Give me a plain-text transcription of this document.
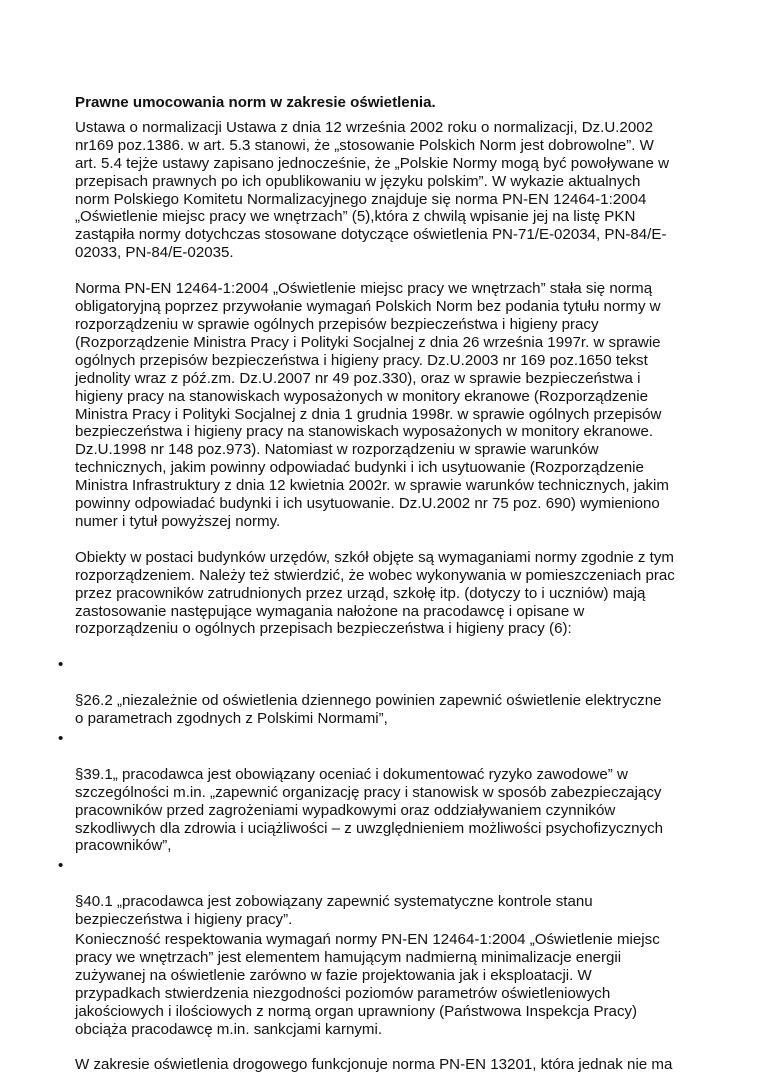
Prawne umocowania norm w zakresie oświetlenia.

Ustawa o normalizacji Ustawa z dnia 12 września 2002 roku o normalizacji, Dz.U.2002
nr169 poz.1386. w art. 5.3 stanowi, że „stosowanie Polskich Norm jest dobrowolne”. W
art. 5.4 tejże ustawy zapisano jednocześnie, że „Polskie Normy mogą być powoływane w
przepisach prawnych po ich opublikowaniu w języku polskim”. W wykazie aktualnych
norm Polskiego Komitetu Normalizacyjnego znajduje się norma PN-EN 12464-1:2004
„Oświetlenie miejsc pracy we wnętrzach” (5),która z chwilą wpisanie jej na listę PKN
zastąpiła normy dotychczas stosowane dotyczące oświetlenia PN-71/E-02034, PN-84/E-
02033, PN-84/E-02035.

Norma PN-EN 12464-1:2004 „Oświetlenie miejsc pracy we wnętrzach” stała się normą
obligatoryjną poprzez przywołanie wymagań Polskich Norm bez podania tytułu normy w
rozporządzeniu w sprawie ogólnych przepisów bezpieczeństwa i higieny pracy
(Rozporządzenie Ministra Pracy i Polityki Socjalnej z dnia 26 września 1997r. w sprawie
ogólnych przepisów bezpieczeństwa i higieny pracy. Dz.U.2003 nr 169 poz.1650 tekst
jednolity wraz z póź.zm. Dz.U.2007 nr 49 poz.330), oraz w sprawie bezpieczeństwa i
higieny pracy na stanowiskach wyposażonych w monitory ekranowe (Rozporządzenie
Ministra Pracy i Polityki Socjalnej z dnia 1 grudnia 1998r. w sprawie ogólnych przepisów
bezpieczeństwa i higieny pracy na stanowiskach wyposażonych w monitory ekranowe.
Dz.U.1998 nr 148 poz.973). Natomiast w rozporządzeniu w sprawie warunków
technicznych, jakim powinny odpowiadać budynki i ich usytuowanie (Rozporządzenie
Ministra Infrastruktury z dnia 12 kwietnia 2002r. w sprawie warunków technicznych, jakim
powinny odpowiadać budynki i ich usytuowanie. Dz.U.2002 nr 75 poz. 690) wymieniono
numer i tytuł powyższej normy.

Obiekty w postaci budynków urzędów, szkół objęte są wymaganiami normy zgodnie z tym
rozporządzeniem. Należy też stwierdzić, że wobec wykonywania w pomieszczeniach prac
przez pracowników zatrudnionych przez urząd, szkołę itp. (dotyczy to i uczniów) mają
zastosowanie następujące wymagania nałożone na pracodawcę i opisane w
rozporządzeniu o ogólnych przepisach bezpieczeństwa i higieny pracy (6):

•

§26.2 „niezależnie od oświetlenia dziennego powinien zapewnić oświetlenie elektryczne
o parametrach zgodnych z Polskimi Normami”,

•

§39.1„ pracodawca jest obowiązany oceniać i dokumentować ryzyko zawodowe” w
szczególności m.in. „zapewnić organizację pracy i stanowisk w sposób zabezpieczający
pracowników przed zagrożeniami wypadkowymi oraz oddziaływaniem czynników
szkodliwych dla zdrowia i uciążliwości – z uwzględnieniem możliwości psychofizycznych
pracowników”,

•

§40.1 „pracodawca jest zobowiązany zapewnić systematyczne kontrole stanu
bezpieczeństwa i higieny pracy”.

Konieczność respektowania wymagań normy PN-EN 12464-1:2004 „Oświetlenie miejsc
pracy we wnętrzach” jest elementem hamującym nadmierną minimalizacje energii
zużywanej na oświetlenie zarówno w fazie projektowania jak i eksploatacji. W
przypadkach stwierdzenia niezgodności poziomów parametrów oświetleniowych
jakościowych i ilościowych z normą organ uprawniony (Państwowa Inspekcja Pracy)
obciąża pracodawcę m.in. sankcjami karnymi.

W zakresie oświetlenia drogowego funkcjonuje norma PN-EN 13201, która jednak nie ma
